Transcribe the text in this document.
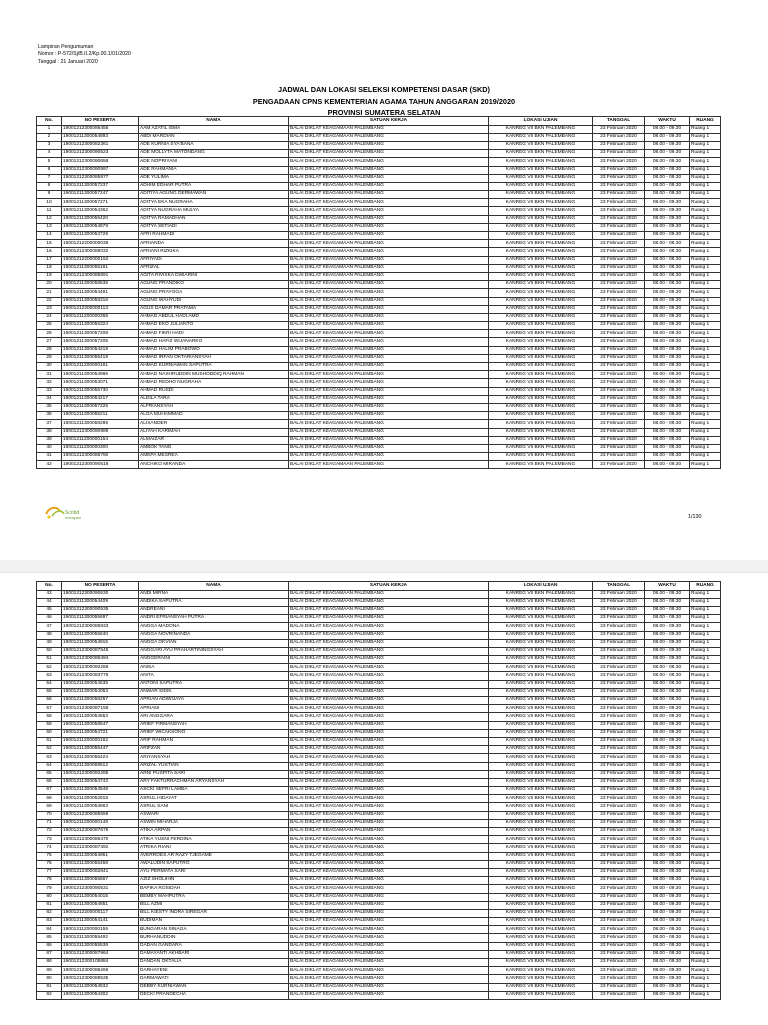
Lampiran Pengumuman
Nomor : P-572/Sj/B.II.2/Kp.00.1/01/2020
Tanggal : 21 Januari 2020
JADWAL DAN LOKASI SELEKSI KOMPETENSI DASAR (SKD)
PENGADAAN CPNS KEMENTERIAN AGAMA TAHUN ANGGARAN 2019/2020
PROVINSI SUMATERA SELATAN
No.	NO PESERTA	NAMA	SATUAN KERJA	LOKASI UJIAN	TANGGAL	WAKTU	RUANG
1	19001212300086455	AAM AZATIL ISMA	BALAI DIKLAT KEAGAMAAN PALEMBANG	KANREG VII BKN PALEMBANG	23 Februari 2020	08.00 - 09.30	Ruang 1
2	19001211300054893	ABDI MARDIAN	BALAI DIKLAT KEAGAMAAN PALEMBANG	KANREG VII BKN PALEMBANG	23 Februari 2020	08.00 - 09.30	Ruang 1
3	19001212300082361	ADE KURNIA SYA'BANA	BALAI DIKLAT KEAGAMAAN PALEMBANG	KANREG VII BKN PALEMBANG	23 Februari 2020	08.00 - 09.30	Ruang 1
4	19001212300090523	ADE MOLLYTA MATONDANG	BALAI DIKLAT KEAGAMAAN PALEMBANG	KANREG VII BKN PALEMBANG	23 Februari 2020	08.00 - 09.30	Ruang 1
5	19001212300090658	ADE NOPRIYANI	BALAI DIKLAT KEAGAMAAN PALEMBANG	KANREG VII BKN PALEMBANG	23 Februari 2020	08.00 - 09.30	Ruang 1
6	19001212300090997	ADE RAHMANIA	BALAI DIKLAT KEAGAMAAN PALEMBANG	KANREG VII BKN PALEMBANG	23 Februari 2020	08.00 - 09.30	Ruang 1
7	19001212300085977	ADE YULIMA	BALAI DIKLAT KEAGAMAAN PALEMBANG	KANREG VII BKN PALEMBANG	23 Februari 2020	08.00 - 09.30	Ruang 1
8	19001211300057237	ADHIM EDHAR PUTRA	BALAI DIKLAT KEAGAMAAN PALEMBANG	KANREG VII BKN PALEMBANG	23 Februari 2020	08.00 - 09.30	Ruang 1
9	19001211300057247	ADITIYA AGUNG DERMAWAN	BALAI DIKLAT KEAGAMAAN PALEMBANG	KANREG VII BKN PALEMBANG	23 Februari 2020	08.00 - 09.30	Ruang 1
10	19001211300057271	ADITYA EKA NUGRAHA	BALAI DIKLAT KEAGAMAAN PALEMBANG	KANREG VII BKN PALEMBANG	23 Februari 2020	08.00 - 09.30	Ruang 1
11	19001211300054362	ADITYA NUGRAHA MULYA	BALAI DIKLAT KEAGAMAAN PALEMBANG	KANREG VII BKN PALEMBANG	23 Februari 2020	08.00 - 09.30	Ruang 1
12	19001211300055420	ADITYA RAMADHAN	BALAI DIKLAT KEAGAMAAN PALEMBANG	KANREG VII BKN PALEMBANG	23 Februari 2020	08.00 - 09.30	Ruang 1
13	19001211300054879	ADITYA SETIADI	BALAI DIKLAT KEAGAMAAN PALEMBANG	KANREG VII BKN PALEMBANG	23 Februari 2020	08.00 - 09.30	Ruang 1
14	19001211300053729	AFRI RAHMADI	BALAI DIKLAT KEAGAMAAN PALEMBANG	KANREG VII BKN PALEMBANG	23 Februari 2020	08.00 - 09.30	Ruang 1
15	19001212200000038	AFRIANDA	BALAI DIKLAT KEAGAMAAN PALEMBANG	KANREG VII BKN PALEMBANG	23 Februari 2020	08.00 - 09.30	Ruang 1
16	19001212300086032	AFRIANI RIZKIKA	BALAI DIKLAT KEAGAMAAN PALEMBANG	KANREG VII BKN PALEMBANG	23 Februari 2020	08.00 - 09.30	Ruang 1
17	19001212200000152	AFRIYADI	BALAI DIKLAT KEAGAMAAN PALEMBANG	KANREG VII BKN PALEMBANG	23 Februari 2020	08.00 - 09.30	Ruang 1
18	19001211300055161	AFRIZAL	BALAI DIKLAT KEAGAMAAN PALEMBANG	KANREG VII BKN PALEMBANG	23 Februari 2020	08.00 - 09.30	Ruang 1
19	19001212300085891	AGITA RIVISKA DWIARINI	BALAI DIKLAT KEAGAMAAN PALEMBANG	KANREG VII BKN PALEMBANG	23 Februari 2020	08.00 - 09.30	Ruang 1
20	19001211300058536	AGUNG PRANDIKO	BALAI DIKLAT KEAGAMAAN PALEMBANG	KANREG VII BKN PALEMBANG	23 Februari 2020	08.00 - 09.30	Ruang 1
21	19001211300054491	AGUNG PRAYOGA	BALAI DIKLAT KEAGAMAAN PALEMBANG	KANREG VII BKN PALEMBANG	23 Februari 2020	08.00 - 09.30	Ruang 1
22	19001211300058316	AGUNG WAHYUDI	BALAI DIKLAT KEAGAMAAN PALEMBANG	KANREG VII BKN PALEMBANG	23 Februari 2020	08.00 - 09.30	Ruang 1
23	19001212200000113	AGUS DAMAR PRATAMA	BALAI DIKLAT KEAGAMAAN PALEMBANG	KANREG VII BKN PALEMBANG	23 Februari 2020	08.00 - 09.30	Ruang 1
24	19001211200000355	AHMAD ABDUL HADI.AMD	BALAI DIKLAT KEAGAMAAN PALEMBANG	KANREG VII BKN PALEMBANG	23 Februari 2020	08.00 - 09.30	Ruang 1
25	19001211300055324	AHMAD EKO JULIANTO	BALAI DIKLAT KEAGAMAAN PALEMBANG	KANREG VII BKN PALEMBANG	23 Februari 2020	08.00 - 09.30	Ruang 1
26	19001211300057208	AHMAD FIKRI HADI	BALAI DIKLAT KEAGAMAAN PALEMBANG	KANREG VII BKN PALEMBANG	23 Februari 2020	08.00 - 09.30	Ruang 1
27	19001211300057205	AHMAD HAFIZ WIJANARKO	BALAI DIKLAT KEAGAMAAN PALEMBANG	KANREG VII BKN PALEMBANG	23 Februari 2020	08.00 - 09.30	Ruang 1
28	19001211300054219	AHMAD HALIM PRABOWO	BALAI DIKLAT KEAGAMAAN PALEMBANG	KANREG VII BKN PALEMBANG	23 Februari 2020	08.00 - 09.30	Ruang 1
29	19001211300055419	AHMAD IRFAN OKTARIANSYAH	BALAI DIKLAT KEAGAMAAN PALEMBANG	KANREG VII BKN PALEMBANG	23 Februari 2020	08.00 - 09.30	Ruang 1
30	19001211200000161	AHMAD KURNIAWAN SAPUTRA	BALAI DIKLAT KEAGAMAAN PALEMBANG	KANREG VII BKN PALEMBANG	23 Februari 2020	08.00 - 09.30	Ruang 1
31	19001211300054986	AHMAD NASHRUDDIN MUSHODDIQ RAHMAN	BALAI DIKLAT KEAGAMAAN PALEMBANG	KANREG VII BKN PALEMBANG	23 Februari 2020	08.00 - 09.30	Ruang 1
32	19001211300053071	AHMAD REDHO NUGRAHA	BALAI DIKLAT KEAGAMAAN PALEMBANG	KANREG VII BKN PALEMBANG	23 Februari 2020	08.00 - 09.30	Ruang 1
33	19001211300055730	AHMAD RUSDI	BALAI DIKLAT KEAGAMAAN PALEMBANG	KANREG VII BKN PALEMBANG	23 Februari 2020	08.00 - 09.30	Ruang 1
34	19001211300054217	ALDILA TARA	BALAI DIKLAT KEAGAMAAN PALEMBANG	KANREG VII BKN PALEMBANG	23 Februari 2020	08.00 - 09.30	Ruang 1
35	19001211300057225	ALFRIANSYAH	BALAI DIKLAT KEAGAMAAN PALEMBANG	KANREG VII BKN PALEMBANG	23 Februari 2020	08.00 - 09.30	Ruang 1
36	19001211300055211	ALGA MUHAMMAD	BALAI DIKLAT KEAGAMAAN PALEMBANG	KANREG VII BKN PALEMBANG	23 Februari 2020	08.00 - 09.30	Ruang 1
37	19001211300058289	ALIXANDER	BALAI DIKLAT KEAGAMAAN PALEMBANG	KANREG VII BKN PALEMBANG	23 Februari 2020	08.00 - 09.30	Ruang 1
38	19001212300090989	ALIYAH KARIMAH	BALAI DIKLAT KEAGAMAAN PALEMBANG	KANREG VII BKN PALEMBANG	23 Februari 2020	08.00 - 09.30	Ruang 1
39	19001211200000154	ALMAIZAR	BALAI DIKLAT KEAGAMAAN PALEMBANG	KANREG VII BKN PALEMBANG	23 Februari 2020	08.00 - 09.30	Ruang 1
40	19001211200000300	AMBOK TANG	BALAI DIKLAT KEAGAMAAN PALEMBANG	KANREG VII BKN PALEMBANG	23 Februari 2020	08.00 - 09.30	Ruang 1
41	19001212300086780	AMEPA MESREA	BALAI DIKLAT KEAGAMAAN PALEMBANG	KANREG VII BKN PALEMBANG	23 Februari 2020	08.00 - 09.30	Ruang 1
42	19001212300090519	ANCHIKO MIRANDA	BALAI DIKLAT KEAGAMAAN PALEMBANG	KANREG VII BKN PALEMBANG	23 Februari 2020	08.00 - 09.30	Ruang 1
Scribd
melayani	1/130
No.	NO PESERTA	NAMA	SATUAN KERJA	LOKASI UJIAN	TANGGAL	WAKTU	RUANG
43	19001212300090630	ANDI MIRNA	BALAI DIKLAT KEAGAMAAN PALEMBANG	KANREG VII BKN PALEMBANG	23 Februari 2020	08.00 - 09.30	Ruang 1
44	19001211300054409	ANDIKA SAPUTRA	BALAI DIKLAT KEAGAMAAN PALEMBANG	KANREG VII BKN PALEMBANG	23 Februari 2020	08.00 - 09.30	Ruang 1
45	19001212300090535	ANDREANI	BALAI DIKLAT KEAGAMAAN PALEMBANG	KANREG VII BKN PALEMBANG	23 Februari 2020	08.00 - 09.30	Ruang 1
46	19001211300055697	ANDRI EFRIANSYAH PUTRA	BALAI DIKLAT KEAGAMAAN PALEMBANG	KANREG VII BKN PALEMBANG	23 Februari 2020	08.00 - 09.30	Ruang 1
47	19001212300085833	ANGGA MADONA	BALAI DIKLAT KEAGAMAAN PALEMBANG	KANREG VII BKN PALEMBANG	23 Februari 2020	08.00 - 09.30	Ruang 1
48	19001211300055640	ANGGA NOVRINANDA	BALAI DIKLAT KEAGAMAAN PALEMBANG	KANREG VII BKN PALEMBANG	23 Februari 2020	08.00 - 09.30	Ruang 1
49	19001211300054915	ANGGA OKVIAN	BALAI DIKLAT KEAGAMAAN PALEMBANG	KANREG VII BKN PALEMBANG	23 Februari 2020	08.00 - 09.30	Ruang 1
50	19001212300087545	ANGGARI AYU PRAHARTININGSYAH	BALAI DIKLAT KEAGAMAAN PALEMBANG	KANREG VII BKN PALEMBANG	23 Februari 2020	08.00 - 09.30	Ruang 1
51	19001212300086494	ANGGERAINI	BALAI DIKLAT KEAGAMAAN PALEMBANG	KANREG VII BKN PALEMBANG	23 Februari 2020	08.00 - 09.30	Ruang 1
52	19001212300092268	ANISA	BALAI DIKLAT KEAGAMAAN PALEMBANG	KANREG VII BKN PALEMBANG	23 Februari 2020	08.00 - 09.30	Ruang 1
53	19001212300083776	ANITA	BALAI DIKLAT KEAGAMAAN PALEMBANG	KANREG VII BKN PALEMBANG	23 Februari 2020	08.00 - 09.30	Ruang 1
54	19001211300054535	ANTONI SAPUTRA	BALAI DIKLAT KEAGAMAAN PALEMBANG	KANREG VII BKN PALEMBANG	23 Februari 2020	08.00 - 09.30	Ruang 1
55	19001211300054053	ANWAR SIDIK	BALAI DIKLAT KEAGAMAAN PALEMBANG	KANREG VII BKN PALEMBANG	23 Februari 2020	08.00 - 09.30	Ruang 1
56	19001211300058257	APRIAN ADIWIJAYA	BALAI DIKLAT KEAGAMAAN PALEMBANG	KANREG VII BKN PALEMBANG	23 Februari 2020	08.00 - 09.30	Ruang 1
57	19001212300087158	APRIANI	BALAI DIKLAT KEAGAMAAN PALEMBANG	KANREG VII BKN PALEMBANG	23 Februari 2020	08.00 - 09.30	Ruang 1
58	19001211300054553	ARI ANGGARA	BALAI DIKLAT KEAGAMAAN PALEMBANG	KANREG VII BKN PALEMBANG	23 Februari 2020	08.00 - 09.30	Ruang 1
59	19001211300058547	ARIEF FIRMANSYAH	BALAI DIKLAT KEAGAMAAN PALEMBANG	KANREG VII BKN PALEMBANG	23 Februari 2020	08.00 - 09.30	Ruang 1
60	19001211300054721	ARIEF WICAKSONO	BALAI DIKLAT KEAGAMAAN PALEMBANG	KANREG VII BKN PALEMBANG	23 Februari 2020	08.00 - 09.30	Ruang 1
61	19001211200000162	ARIF RAHMAN	BALAI DIKLAT KEAGAMAAN PALEMBANG	KANREG VII BKN PALEMBANG	23 Februari 2020	08.00 - 09.30	Ruang 1
62	19001211300055447	ARIFZAN	BALAI DIKLAT KEAGAMAAN PALEMBANG	KANREG VII BKN PALEMBANG	23 Februari 2020	08.00 - 09.30	Ruang 1
63	19001211300055424	ARIYANSYAH	BALAI DIKLAT KEAGAMAAN PALEMBANG	KANREG VII BKN PALEMBANG	23 Februari 2020	08.00 - 09.30	Ruang 1
64	19001211300069512	ARIZAL YUSTIAN	BALAI DIKLAT KEAGAMAAN PALEMBANG	KANREG VII BKN PALEMBANG	23 Februari 2020	08.00 - 09.30	Ruang 1
65	19001212300092285	ARNI PUSPITA SARI	BALAI DIKLAT KEAGAMAAN PALEMBANG	KANREG VII BKN PALEMBANG	23 Februari 2020	08.00 - 09.30	Ruang 1
66	19001211300054743	ARY FAKTURRACHMAN ARYANSYAH	BALAI DIKLAT KEAGAMAAN PALEMBANG	KANREG VII BKN PALEMBANG	23 Februari 2020	08.00 - 09.30	Ruang 1
67	19001211300054549	ASCKI SEFRI LAMBA	BALAI DIKLAT KEAGAMAAN PALEMBANG	KANREG VII BKN PALEMBANG	23 Februari 2020	08.00 - 09.30	Ruang 1
68	19001211300052918	ASRUL HIDAYAT	BALAI DIKLAT KEAGAMAAN PALEMBANG	KANREG VII BKN PALEMBANG	23 Februari 2020	08.00 - 09.30	Ruang 1
69	19001211300053863	ASRUL SANI	BALAI DIKLAT KEAGAMAAN PALEMBANG	KANREG VII BKN PALEMBANG	23 Februari 2020	08.00 - 09.30	Ruang 1
70	19001212300085659	ASWARI	BALAI DIKLAT KEAGAMAAN PALEMBANG	KANREG VII BKN PALEMBANG	23 Februari 2020	08.00 - 09.30	Ruang 1
71	19001211200000148	ASWIN MIHARJA	BALAI DIKLAT KEAGAMAAN PALEMBANG	KANREG VII BKN PALEMBANG	23 Februari 2020	08.00 - 09.30	Ruang 1
72	19001212300087675	ATIKA ARPAN	BALAI DIKLAT KEAGAMAAN PALEMBANG	KANREG VII BKN PALEMBANG	23 Februari 2020	08.00 - 09.30	Ruang 1
73	19001212300086470	ATIKA YUSNI FERDINA	BALAI DIKLAT KEAGAMAAN PALEMBANG	KANREG VII BKN PALEMBANG	23 Februari 2020	08.00 - 09.30	Ruang 1
74	19001212300087392	ATRIKA RIANI	BALAI DIKLAT KEAGAMAAN PALEMBANG	KANREG VII BKN PALEMBANG	23 Februari 2020	08.00 - 09.30	Ruang 1
75	19001211300054951	AVERROES AR RAZY TJEGAME	BALAI DIKLAT KEAGAMAAN PALEMBANG	KANREG VII BKN PALEMBANG	23 Februari 2020	08.00 - 09.30	Ruang 1
76	19001211300055458	AWALUDIN SAPUTRO	BALAI DIKLAT KEAGAMAAN PALEMBANG	KANREG VII BKN PALEMBANG	23 Februari 2020	08.00 - 09.30	Ruang 1
77	19001212300082841	AYU PERMATA SARI	BALAI DIKLAT KEAGAMAAN PALEMBANG	KANREG VII BKN PALEMBANG	23 Februari 2020	08.00 - 09.30	Ruang 1
78	19001211300055567	AZIZ SHOLIHIN	BALAI DIKLAT KEAGAMAAN PALEMBANG	KANREG VII BKN PALEMBANG	23 Februari 2020	08.00 - 09.30	Ruang 1
79	19001212300090531	BAPIKA ROSIDAH	BALAI DIKLAT KEAGAMAAN PALEMBANG	KANREG VII BKN PALEMBANG	23 Februari 2020	08.00 - 09.30	Ruang 1
80	19001211300054015	BEMBY MAHPUTRA	BALAI DIKLAT KEAGAMAAN PALEMBANG	KANREG VII BKN PALEMBANG	23 Februari 2020	08.00 - 09.30	Ruang 1
81	19001211300054851	BILL AZMI	BALAI DIKLAT KEAGAMAAN PALEMBANG	KANREG VII BKN PALEMBANG	23 Februari 2020	08.00 - 09.30	Ruang 1
82	19001212200000117	BILL KIESTY INDRA SIREGAR	BALAI DIKLAT KEAGAMAAN PALEMBANG	KANREG VII BKN PALEMBANG	23 Februari 2020	08.00 - 09.30	Ruang 1
83	19001211300054141	BUDIMAN	BALAI DIKLAT KEAGAMAAN PALEMBANG	KANREG VII BKN PALEMBANG	23 Februari 2020	08.00 - 09.30	Ruang 1
84	19001211200000155	BUNGARAN SINAGA	BALAI DIKLAT KEAGAMAAN PALEMBANG	KANREG VII BKN PALEMBANG	23 Februari 2020	08.00 - 09.30	Ruang 1
85	19001211300055492	BURHANUDDIN	BALAI DIKLAT KEAGAMAAN PALEMBANG	KANREG VII BKN PALEMBANG	23 Februari 2020	08.00 - 09.30	Ruang 1
86	19001211300055538	DADAN GANDARA	BALAI DIKLAT KEAGAMAAN PALEMBANG	KANREG VII BKN PALEMBANG	23 Februari 2020	08.00 - 09.30	Ruang 1
87	19001212300087964	DAMAYANTI AKHBARI	BALAI DIKLAT KEAGAMAAN PALEMBANG	KANREG VII BKN PALEMBANG	23 Februari 2020	08.00 - 09.30	Ruang 1
88	19001212300105884	DANDAN OKTALIA	BALAI DIKLAT KEAGAMAAN PALEMBANG	KANREG VII BKN PALEMBANG	23 Februari 2020	08.00 - 09.30	Ruang 1
89	19001212300086266	DARHAYENI	BALAI DIKLAT KEAGAMAAN PALEMBANG	KANREG VII BKN PALEMBANG	23 Februari 2020	08.00 - 09.30	Ruang 1
90	19001212300088535	DARMAWATI	BALAI DIKLAT KEAGAMAAN PALEMBANG	KANREG VII BKN PALEMBANG	23 Februari 2020	08.00 - 09.30	Ruang 1
91	19001211300054832	DEBBY KURNIAWAN	BALAI DIKLAT KEAGAMAAN PALEMBANG	KANREG VII BKN PALEMBANG	23 Februari 2020	08.00 - 09.30	Ruang 1
92	19001211300054302	DECKI PRANDECHA	BALAI DIKLAT KEAGAMAAN PALEMBANG	KANREG VII BKN PALEMBANG	23 Februari 2020	08.00 - 09.30	Ruang 1
